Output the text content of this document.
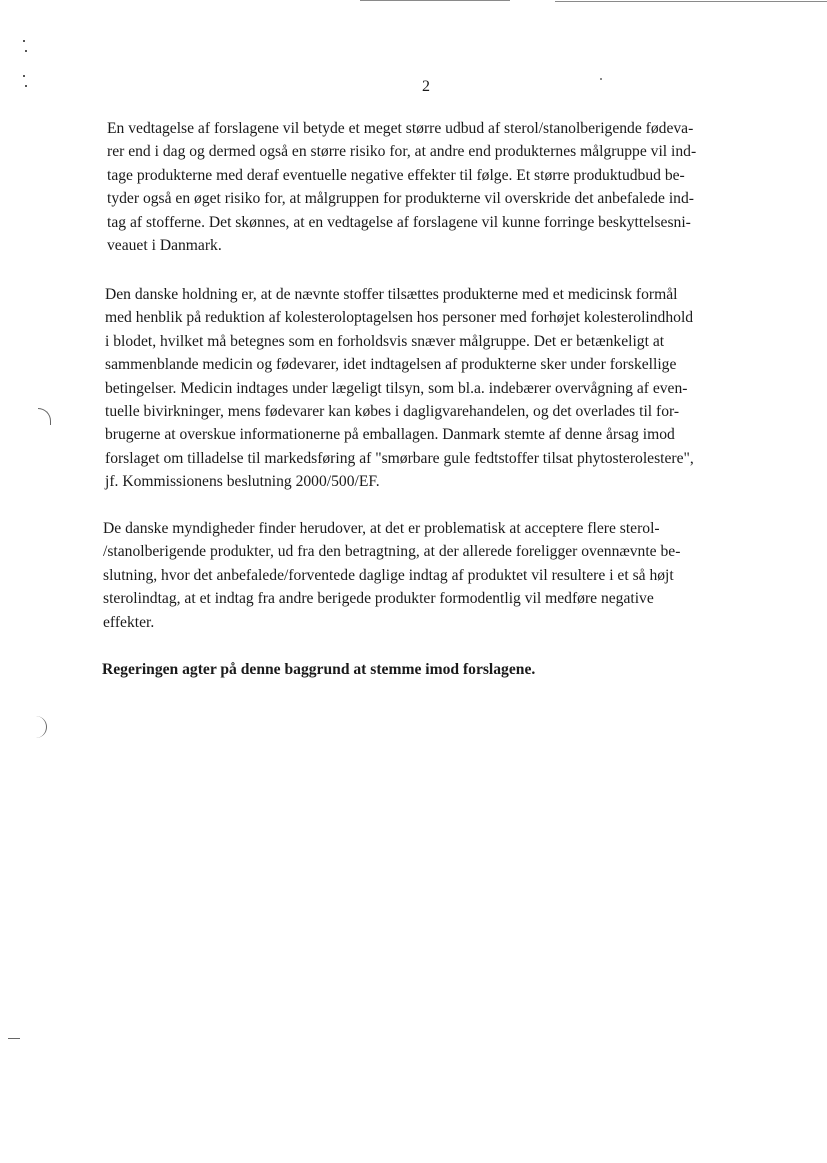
2

En vedtagelse af forslagene vil betyde et meget større udbud af sterol/stanolberigende fødeva-
rer end i dag og dermed også en større risiko for, at andre end produkternes målgruppe vil ind-
tage produkterne med deraf eventuelle negative effekter til følge. Et større produktudbud be-
tyder også en øget risiko for, at målgruppen for produkterne vil overskride det anbefalede ind-
tag af stofferne. Det skønnes, at en vedtagelse af forslagene vil kunne forringe beskyttelsesni-
veauet i Danmark.

Den danske holdning er, at de nævnte stoffer tilsættes produkterne med et medicinsk formål
med henblik på reduktion af kolesteroloptagelsen hos personer med forhøjet kolesterolindhold
i blodet, hvilket må betegnes som en forholdsvis snæver målgruppe. Det er betænkeligt at
sammenblande medicin og fødevarer, idet indtagelsen af produkterne sker under forskellige
betingelser. Medicin indtages under lægeligt tilsyn, som bl.a. indebærer overvågning af even-
tuelle bivirkninger, mens fødevarer kan købes i dagligvarehandelen, og det overlades til for-
brugerne at overskue informationerne på emballagen. Danmark stemte af denne årsag imod
forslaget om tilladelse til markedsføring af "smørbare gule fedtstoffer tilsat phytosterolestere",
jf. Kommissionens beslutning 2000/500/EF.

De danske myndigheder finder herudover, at det er problematisk at acceptere flere sterol-
/stanolberigende produkter, ud fra den betragtning, at der allerede foreligger ovennævnte be-
slutning, hvor det anbefalede/forventede daglige indtag af produktet vil resultere i et så højt
sterolindtag, at et indtag fra andre berigede produkter formodentlig vil medføre negative
effekter.

Regeringen agter på denne baggrund at stemme imod forslagene.
